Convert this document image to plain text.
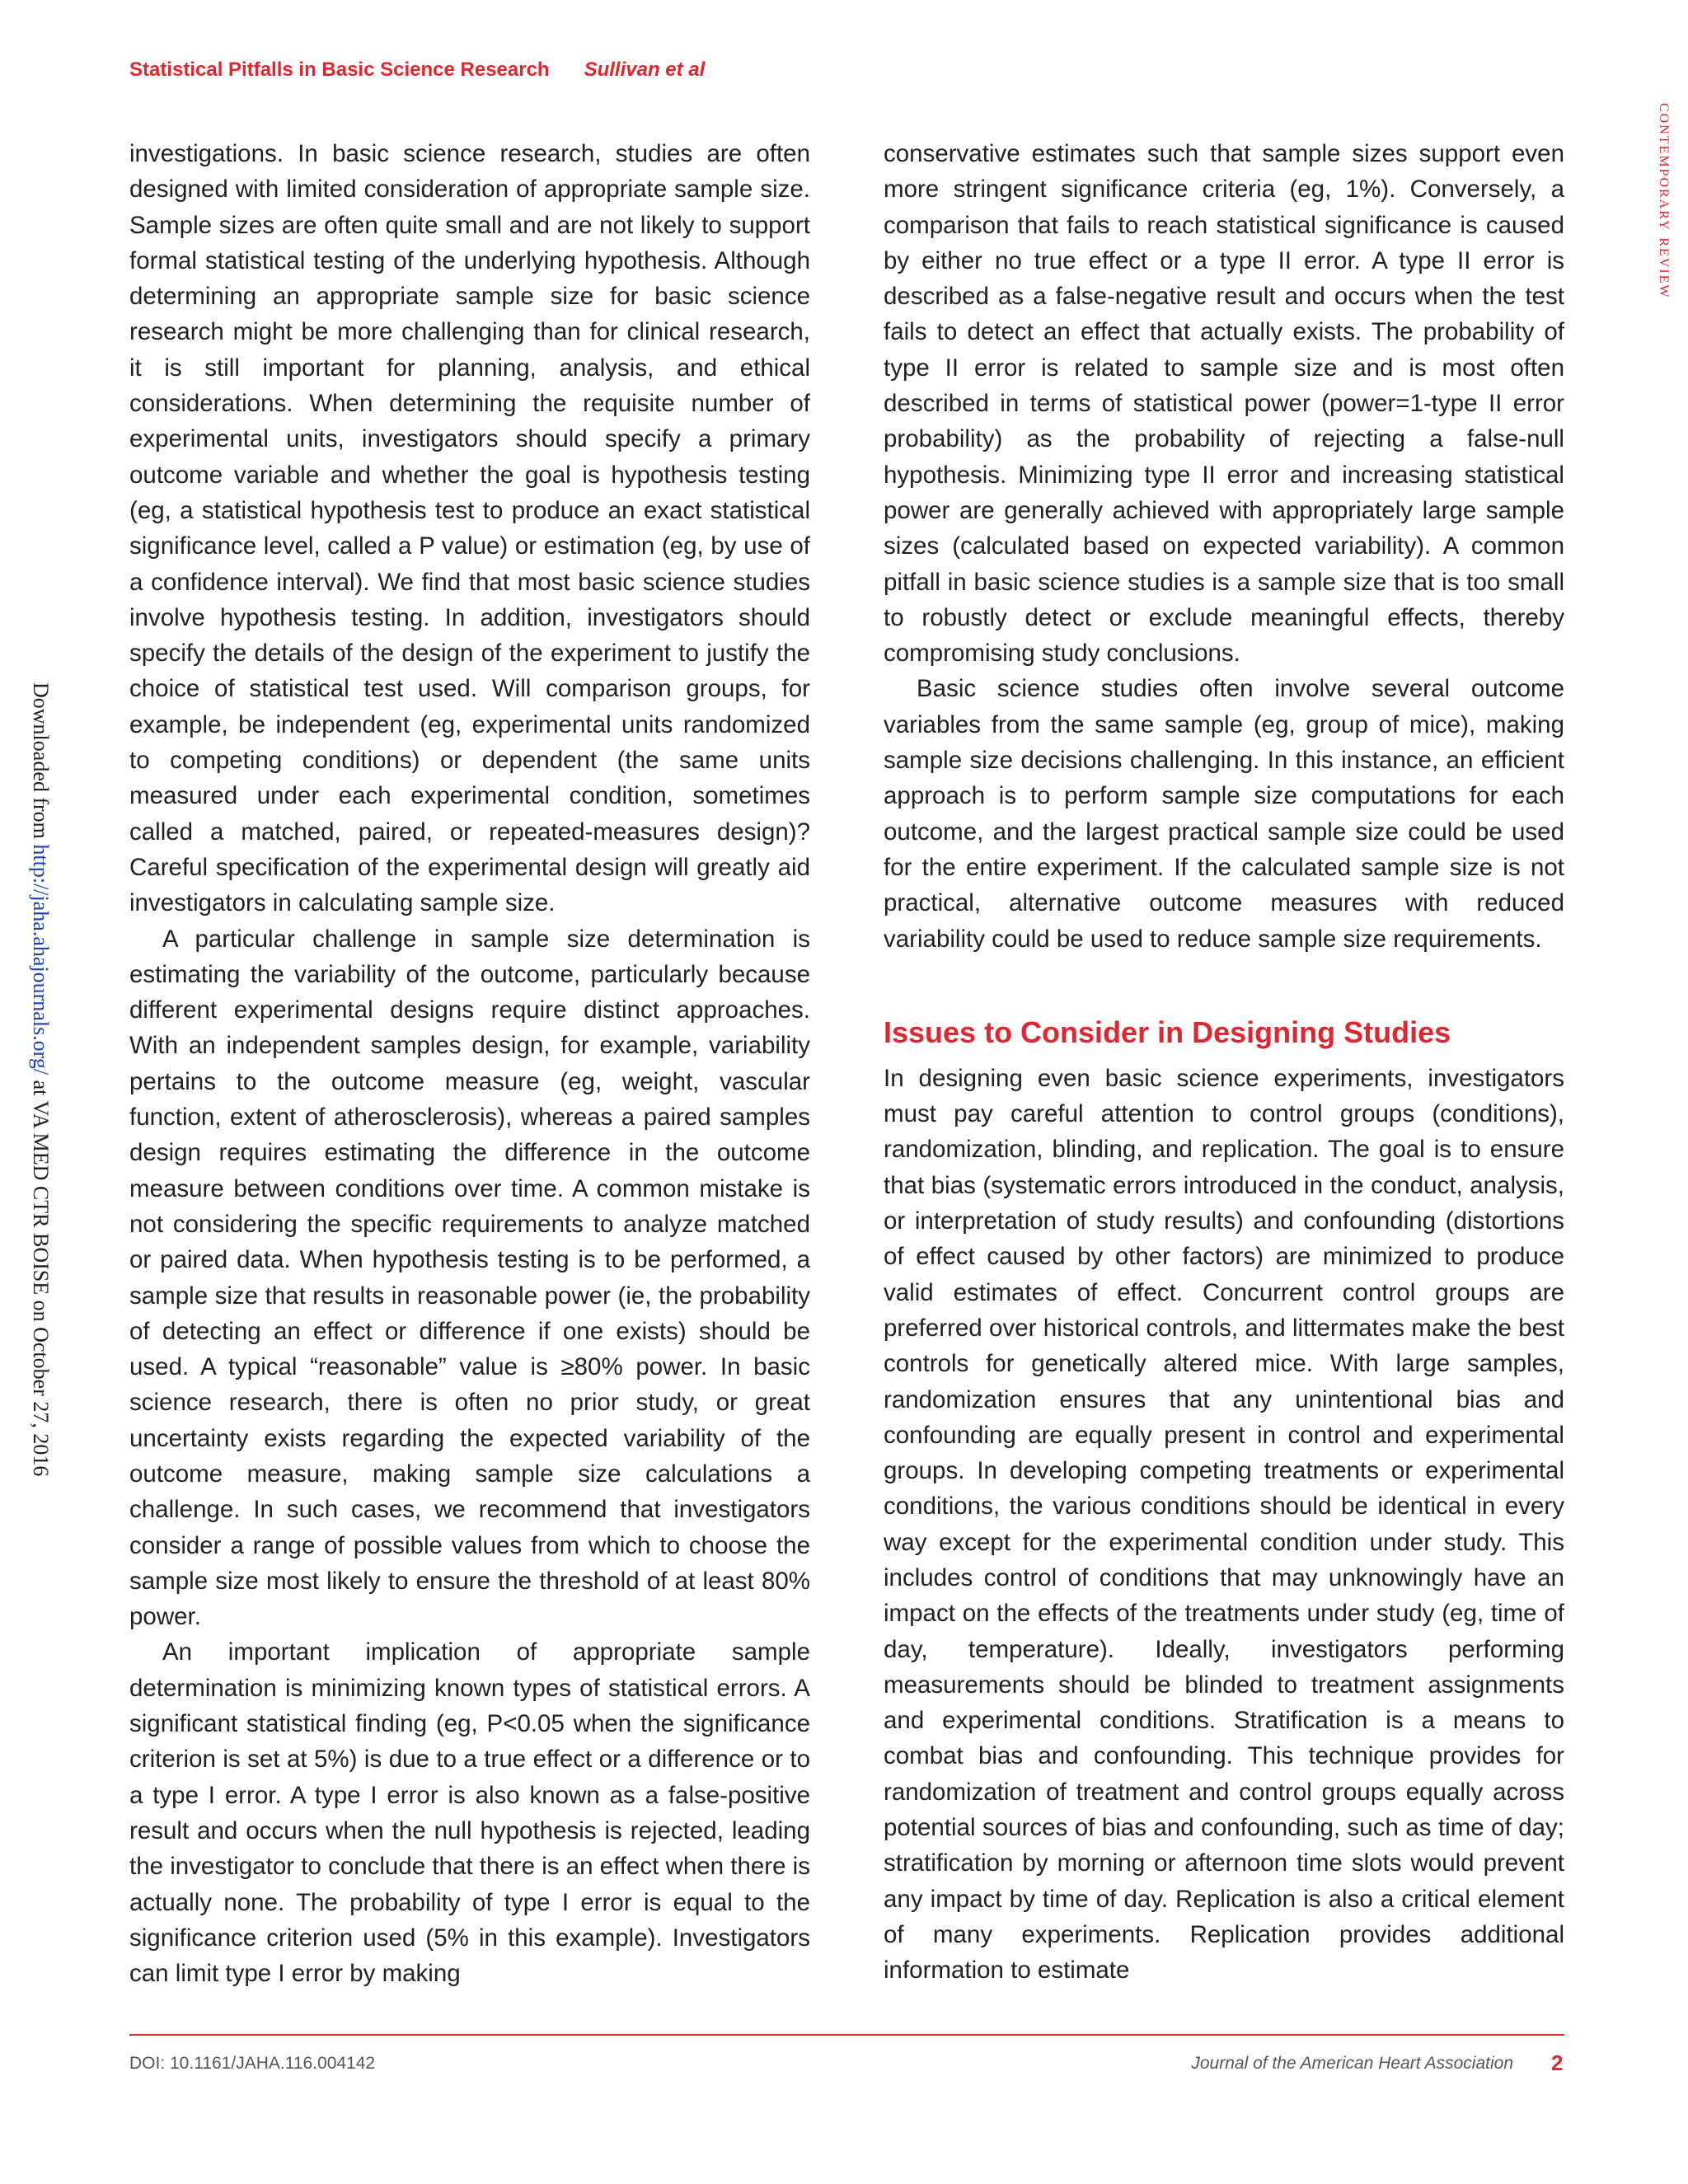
Statistical Pitfalls in Basic Science Research Sullivan et al
contemporary review
Downloaded from http://jaha.ahajournals.org/ at VA MED CTR BOISE on October 27, 2016

investigations. In basic science research, studies are often designed with limited consideration of appropriate sample size. Sample sizes are often quite small and are not likely to support formal statistical testing of the underlying hypothesis. Although determining an appropriate sample size for basic science research might be more challenging than for clinical research, it is still important for planning, analysis, and ethical considerations. When determining the requisite number of experimental units, investigators should specify a primary outcome variable and whether the goal is hypothesis testing (eg, a statistical hypothesis test to produce an exact statistical significance level, called a P value) or estimation (eg, by use of a confidence interval). We find that most basic science studies involve hypothesis testing. In addition, investigators should specify the details of the design of the experiment to justify the choice of statistical test used. Will comparison groups, for example, be independent (eg, experimental units randomized to competing conditions) or dependent (the same units measured under each experimental condition, sometimes called a matched, paired, or repeated-measures design)? Careful specification of the experimental design will greatly aid investigators in calculating sample size.

A particular challenge in sample size determination is estimating the variability of the outcome, particularly because different experimental designs require distinct approaches. With an independent samples design, for example, variability pertains to the outcome measure (eg, weight, vascular function, extent of atherosclerosis), whereas a paired samples design requires estimating the difference in the outcome measure between conditions over time. A common mistake is not considering the specific requirements to analyze matched or paired data. When hypothesis testing is to be performed, a sample size that results in reasonable power (ie, the probability of detecting an effect or difference if one exists) should be used. A typical “reasonable” value is ≥80% power. In basic science research, there is often no prior study, or great uncertainty exists regarding the expected variability of the outcome measure, making sample size calculations a challenge. In such cases, we recommend that investigators consider a range of possible values from which to choose the sample size most likely to ensure the threshold of at least 80% power.

An important implication of appropriate sample determination is minimizing known types of statistical errors. A significant statistical finding (eg, P<0.05 when the significance criterion is set at 5%) is due to a true effect or a difference or to a type I error. A type I error is also known as a false-positive result and occurs when the null hypothesis is rejected, leading the investigator to conclude that there is an effect when there is actually none. The probability of type I error is equal to the significance criterion used (5% in this example). Investigators can limit type I error by making

conservative estimates such that sample sizes support even more stringent significance criteria (eg, 1%). Conversely, a comparison that fails to reach statistical significance is caused by either no true effect or a type II error. A type II error is described as a false-negative result and occurs when the test fails to detect an effect that actually exists. The probability of type II error is related to sample size and is most often described in terms of statistical power (power=1-type II error probability) as the probability of rejecting a false-null hypothesis. Minimizing type II error and increasing statistical power are generally achieved with appropriately large sample sizes (calculated based on expected variability). A common pitfall in basic science studies is a sample size that is too small to robustly detect or exclude meaningful effects, thereby compromising study conclusions.

Basic science studies often involve several outcome variables from the same sample (eg, group of mice), making sample size decisions challenging. In this instance, an efficient approach is to perform sample size computations for each outcome, and the largest practical sample size could be used for the entire experiment. If the calculated sample size is not practical, alternative outcome measures with reduced variability could be used to reduce sample size requirements.

Issues to Consider in Designing Studies

In designing even basic science experiments, investigators must pay careful attention to control groups (conditions), randomization, blinding, and replication. The goal is to ensure that bias (systematic errors introduced in the conduct, analysis, or interpretation of study results) and confounding (distortions of effect caused by other factors) are minimized to produce valid estimates of effect. Concurrent control groups are preferred over historical controls, and littermates make the best controls for genetically altered mice. With large samples, randomization ensures that any unintentional bias and confounding are equally present in control and experimental groups. In developing competing treatments or experimental conditions, the various conditions should be identical in every way except for the experimental condition under study. This includes control of conditions that may unknowingly have an impact on the effects of the treatments under study (eg, time of day, temperature). Ideally, investigators performing measurements should be blinded to treatment assignments and experimental conditions. Stratification is a means to combat bias and confounding. This technique provides for randomization of treatment and control groups equally across potential sources of bias and confounding, such as time of day; stratification by morning or afternoon time slots would prevent any impact by time of day. Replication is also a critical element of many experiments. Replication provides additional information to estimate

DOI: 10.1161/JAHA.116.004142	Journal of the American Heart Association 2
